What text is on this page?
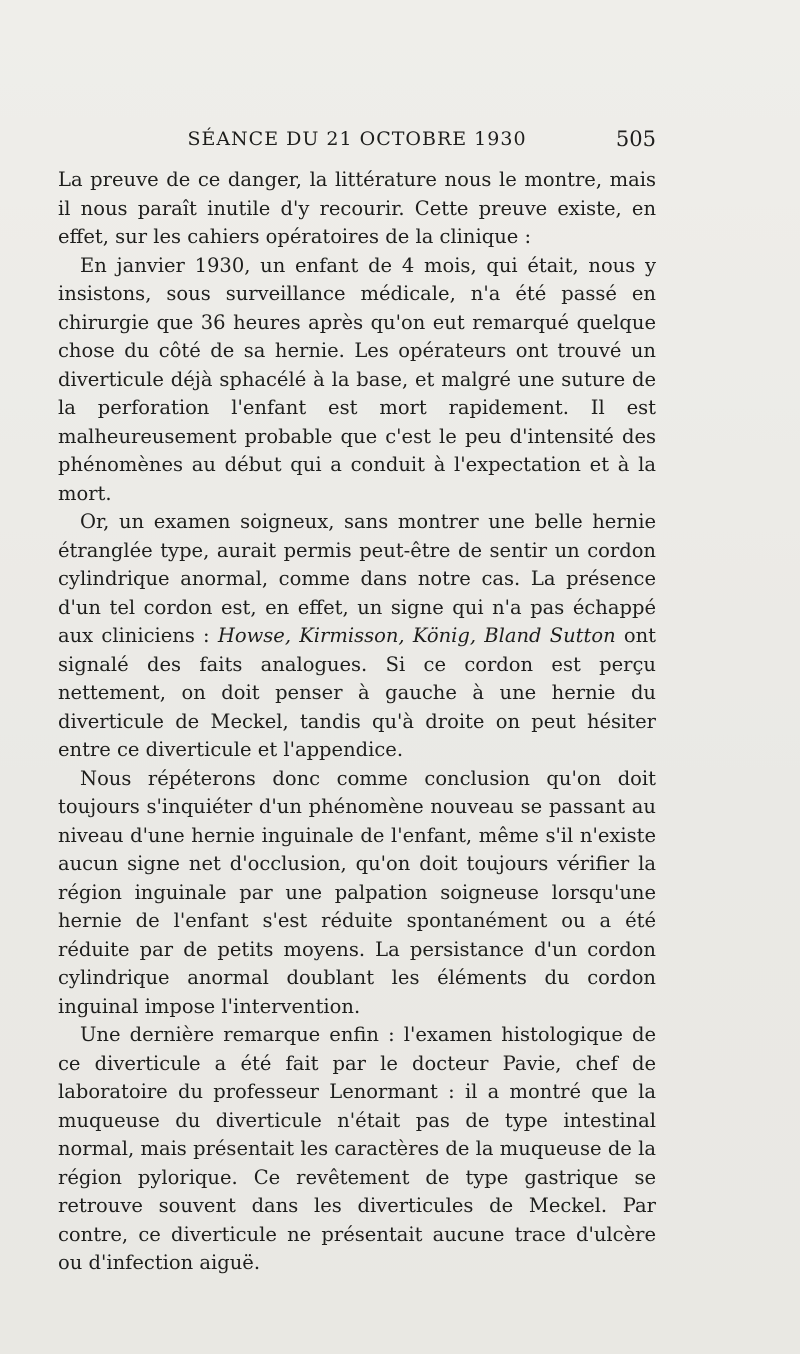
SÉANCE DU 21 OCTOBRE 1930	505

La preuve de ce danger, la littérature nous le montre, mais il nous paraît inutile d'y recourir. Cette preuve existe, en effet, sur les cahiers opératoires de la clinique :

En janvier 1930, un enfant de 4 mois, qui était, nous y insistons, sous surveillance médicale, n'a été passé en chirurgie que 36 heures après qu'on eut remarqué quelque chose du côté de sa hernie. Les opérateurs ont trouvé un diverticule déjà sphacélé à la base, et malgré une suture de la perforation l'enfant est mort rapidement. Il est malheureusement probable que c'est le peu d'intensité des phénomènes au début qui a conduit à l'expectation et à la mort.

Or, un examen soigneux, sans montrer une belle hernie étranglée type, aurait permis peut-être de sentir un cordon cylindrique anormal, comme dans notre cas. La présence d'un tel cordon est, en effet, un signe qui n'a pas échappé aux cliniciens : Howse, Kirmisson, König, Bland Sutton ont signalé des faits analogues. Si ce cordon est perçu nettement, on doit penser à gauche à une hernie du diverticule de Meckel, tandis qu'à droite on peut hésiter entre ce diverticule et l'appendice.

Nous répéterons donc comme conclusion qu'on doit toujours s'inquiéter d'un phénomène nouveau se passant au niveau d'une hernie inguinale de l'enfant, même s'il n'existe aucun signe net d'occlusion, qu'on doit toujours vérifier la région inguinale par une palpation soigneuse lorsqu'une hernie de l'enfant s'est réduite spontanément ou a été réduite par de petits moyens. La persistance d'un cordon cylindrique anormal doublant les éléments du cordon inguinal impose l'intervention.

Une dernière remarque enfin : l'examen histologique de ce diverticule a été fait par le docteur Pavie, chef de laboratoire du professeur Lenormant : il a montré que la muqueuse du diverticule n'était pas de type intestinal normal, mais présentait les caractères de la muqueuse de la région pylorique. Ce revêtement de type gastrique se retrouve souvent dans les diverticules de Meckel. Par contre, ce diverticule ne présentait aucune trace d'ulcère ou d'infection aiguë.
